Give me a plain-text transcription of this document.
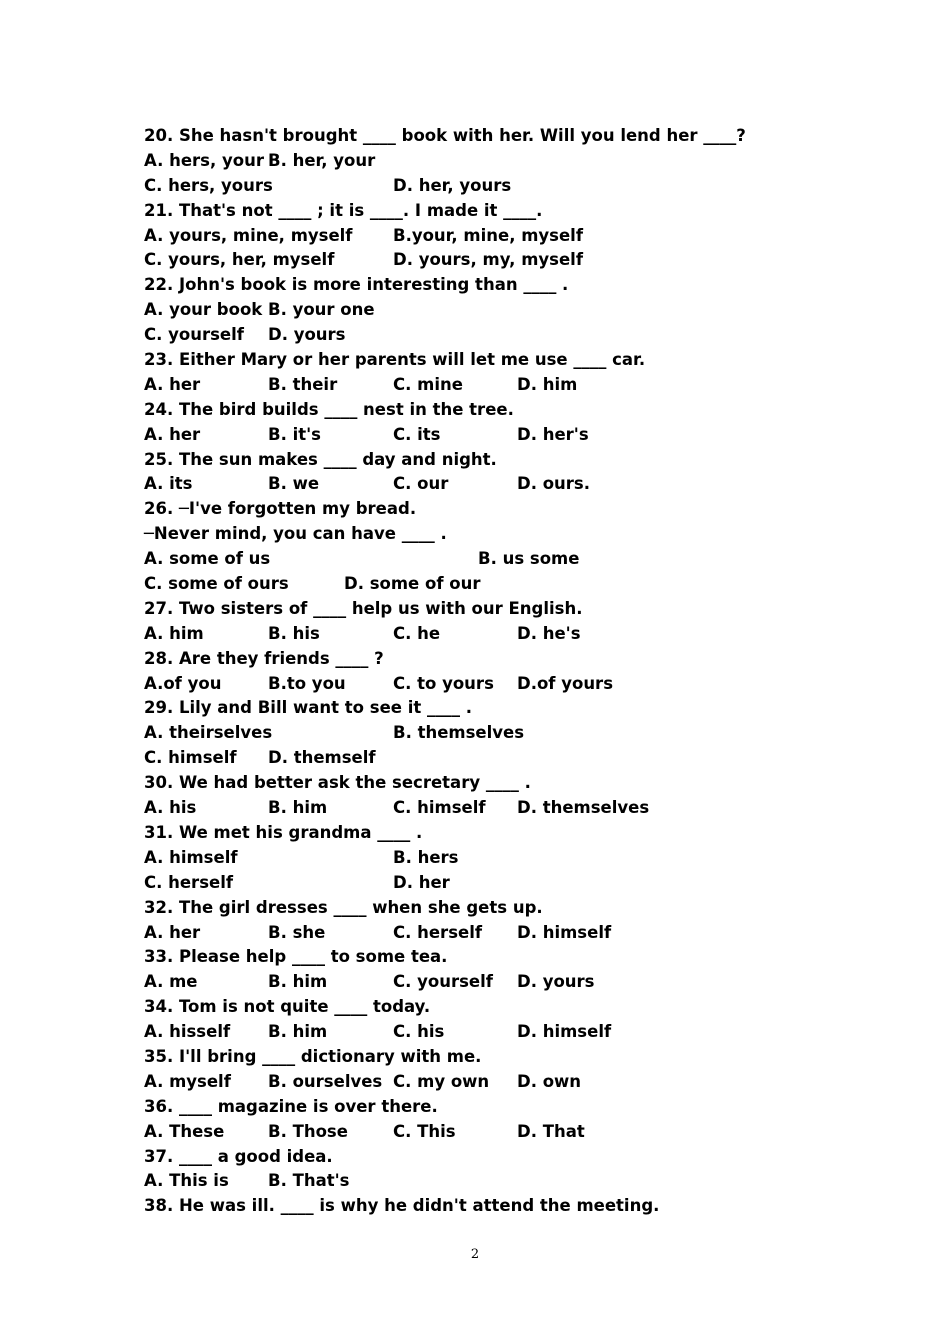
20. She hasn't brought ____ book with her. Will you lend her ____?

A. hers, your

B. her, your

C. hers, yours

	D. her, yours

21. That's not ____ ; it is ____. I made it ____.

A. yours, mine, myself

B.your, mine, myself

C. yours, her, myself

	D. yours, my, myself

22. John's book is more interesting than ____ .

A. your book

B. your one

C. yourself

D. yours

23. Either Mary or her parents will let me use ____ car.

A. her

	B. their

	C. mine

	D. him

24. The bird builds ____ nest in the tree.

A. her

	B. it's

	C. its

	D. her's

25. The sun makes ____ day and night.

A. its

	B. we

	C. our

	D. ours.

26. ─I've forgotten my bread.
─Never mind, you can have ____ .

A. some of us

	B. us some

C. some of ours

	D. some of our

27. Two sisters of ____ help us with our English.

A. him

	B. his

	C. he

	D. he's

28. Are they friends ____ ?

A.of you

	B.to you

	C. to yours

D.of yours

29. Lily and Bill want to see it ____ .

A. theirselves

	B. themselves

C. himself

D. themself

30. We had better ask the secretary ____ .

A. his

	B. him

	C. himself

D. themselves

31. We met his grandma ____ .

A. himself

	B. hers

C. herself

	D. her

32. The girl dresses ____ when she gets up.

A. her

	B. she

	C. herself

D. himself

33. Please help ____ to some tea.

A. me

	B. him

	C. yourself

D. yours

34. Tom is not quite ____ today.

A. hisself

B. him

	C. his

	D. himself

35. I'll bring ____ dictionary with me.

A. myself

B. ourselves

C. my own

D. own

36. ____ magazine is over there.

A. These

	B. Those

	C. This

	D. That

37. ____ a good idea.

A. This is

B. That's

38. He was ill. ____ is why he didn't attend the meeting.
2
